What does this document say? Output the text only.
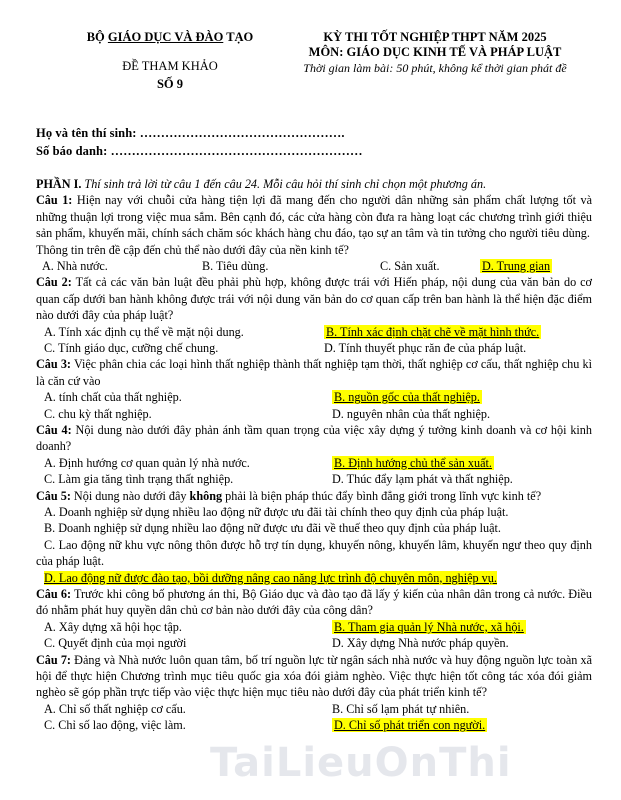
BỘ GIÁO DỤC VÀ ĐÀO TẠO
ĐỀ THAM KHẢO
SỐ 9
KỲ THI TỐT NGHIỆP THPT NĂM 2025
MÔN: GIÁO DỤC KINH TẾ VÀ PHÁP LUẬT
Thời gian làm bài: 50 phút, không kể thời gian phát đề
Họ và tên thí sinh: ………………………………………….
Số báo danh: ……………………………………………………
PHẦN I. Thí sinh trả lời từ câu 1 đến câu 24. Mỗi câu hỏi thí sinh chỉ chọn một phương án.
Câu 1: Hiện nay với chuỗi cửa hàng tiện lợi đã mang đến cho người dân những sản phẩm chất lượng tốt và những thuận lợi trong việc mua sắm. Bên cạnh đó, các cửa hàng còn đưa ra hàng loạt các chương trình giới thiệu sản phẩm, khuyến mãi, chính sách chăm sóc khách hàng chu đáo, tạo sự an tâm và tin tưởng cho người tiêu dùng.
Thông tin trên đề cập đến chủ thể nào dưới đây của nền kinh tế?
A. Nhà nước.	B. Tiêu dùng.	C. Sản xuất.	D. Trung gian
Câu 2: Tất cả các văn bản luật đều phải phù hợp, không được trái với Hiến pháp, nội dung của văn bản do cơ quan cấp dưới ban hành không được trái với nội dung văn bản do cơ quan cấp trên ban hành là thể hiện đặc điểm nào dưới đây của pháp luật?
A. Tính xác định cụ thể về mặt nội dung.	B. Tính xác định chặt chẽ về mặt hình thức.
C. Tính giáo dục, cưỡng chế chung.	D. Tính thuyết phục răn đe của pháp luật.
Câu 3: Việc phân chia các loại hình thất nghiệp thành thất nghiệp tạm thời, thất nghiệp cơ cấu, thất nghiệp chu kì là căn cứ vào
A. tính chất của thất nghiệp.	B. nguồn gốc của thất nghiệp.
C. chu kỳ thất nghiệp.	D. nguyên nhân của thất nghiệp.
Câu 4: Nội dung nào dưới đây phản ánh tầm quan trọng của việc xây dựng ý tưởng kinh doanh và cơ hội kinh doanh?
A. Định hướng cơ quan quản lý nhà nước.	B. Định hướng chủ thể sản xuất.
C. Làm gia tăng tình trạng thất nghiệp.	D. Thúc đẩy lạm phát và thất nghiệp.
Câu 5: Nội dung nào dưới đây không phải là biện pháp thúc đẩy bình đẳng giới trong lĩnh vực kinh tế?
A. Doanh nghiệp sử dụng nhiều lao động nữ được ưu đãi tài chính theo quy định của pháp luật.
B. Doanh nghiệp sử dụng nhiều lao động nữ được ưu đãi về thuế theo quy định của pháp luật.
C. Lao động nữ khu vực nông thôn được hỗ trợ tín dụng, khuyến nông, khuyến lâm, khuyến ngư theo quy định của pháp luật.
D. Lao động nữ được đào tạo, bồi dưỡng nâng cao năng lực trình độ chuyên môn, nghiệp vụ.
Câu 6: Trước khi công bố phương án thi, Bộ Giáo dục và đào tạo đã lấy ý kiến của nhân dân trong cả nước. Điều đó nhằm phát huy quyền dân chủ cơ bản nào dưới đây của công dân?
A. Xây dựng xã hội học tập.	B. Tham gia quản lý Nhà nước, xã hội.
C. Quyết định của mọi người	D. Xây dựng Nhà nước pháp quyền.
Câu 7: Đảng và Nhà nước luôn quan tâm, bố trí nguồn lực từ ngân sách nhà nước và huy động nguồn lực toàn xã hội để thực hiện Chương trình mục tiêu quốc gia xóa đói giảm nghèo. Việc thực hiện tốt công tác xóa đói giảm nghèo sẽ góp phần trực tiếp vào việc thực hiện mục tiêu nào dưới đây của phát triển kinh tế?
A. Chỉ số thất nghiệp cơ cấu.	B. Chỉ số lạm phát tự nhiên.
C. Chỉ số lao động, việc làm.	D. Chỉ số phát triển con người.
TaiLieuOnThi
